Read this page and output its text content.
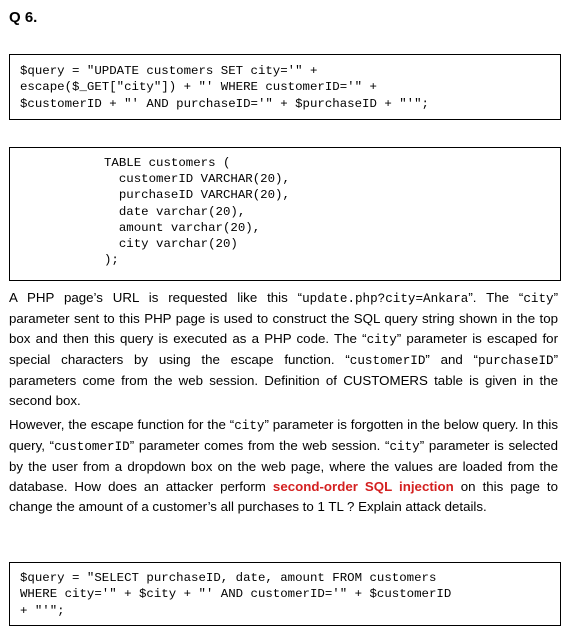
Q 6.
$query = "UPDATE customers SET city='" +
escape($_GET["city"]) + "' WHERE customerID='" +
$customerID + "' AND purchaseID='" + $purchaseID + "'";
TABLE customers (
customerID VARCHAR(20),
purchaseID VARCHAR(20),
date varchar(20),
amount varchar(20),
city varchar(20)
);

A PHP page’s URL is requested like this “update.php?city=Ankara”. The “city” parameter sent to this PHP page is used to construct the SQL query string shown in the top box and then this query is executed as a PHP code. The “city” parameter is escaped for special characters by using the escape function. “customerID” and “purchaseID” parameters come from the web session. Definition of CUSTOMERS table is given in the second box.

However, the escape function for the “city” parameter is forgotten in the below query. In this query, “customerID” parameter comes from the web session. “city” parameter is selected by the user from a dropdown box on the web page, where the values are loaded from the database. How does an attacker perform second-order SQL injection on this page to change the amount of a customer’s all purchases to 1 TL ? Explain attack details.

$query = "SELECT purchaseID, date, amount FROM customers
WHERE city='" + $city + "' AND customerID='" + $customerID
+ "'";
